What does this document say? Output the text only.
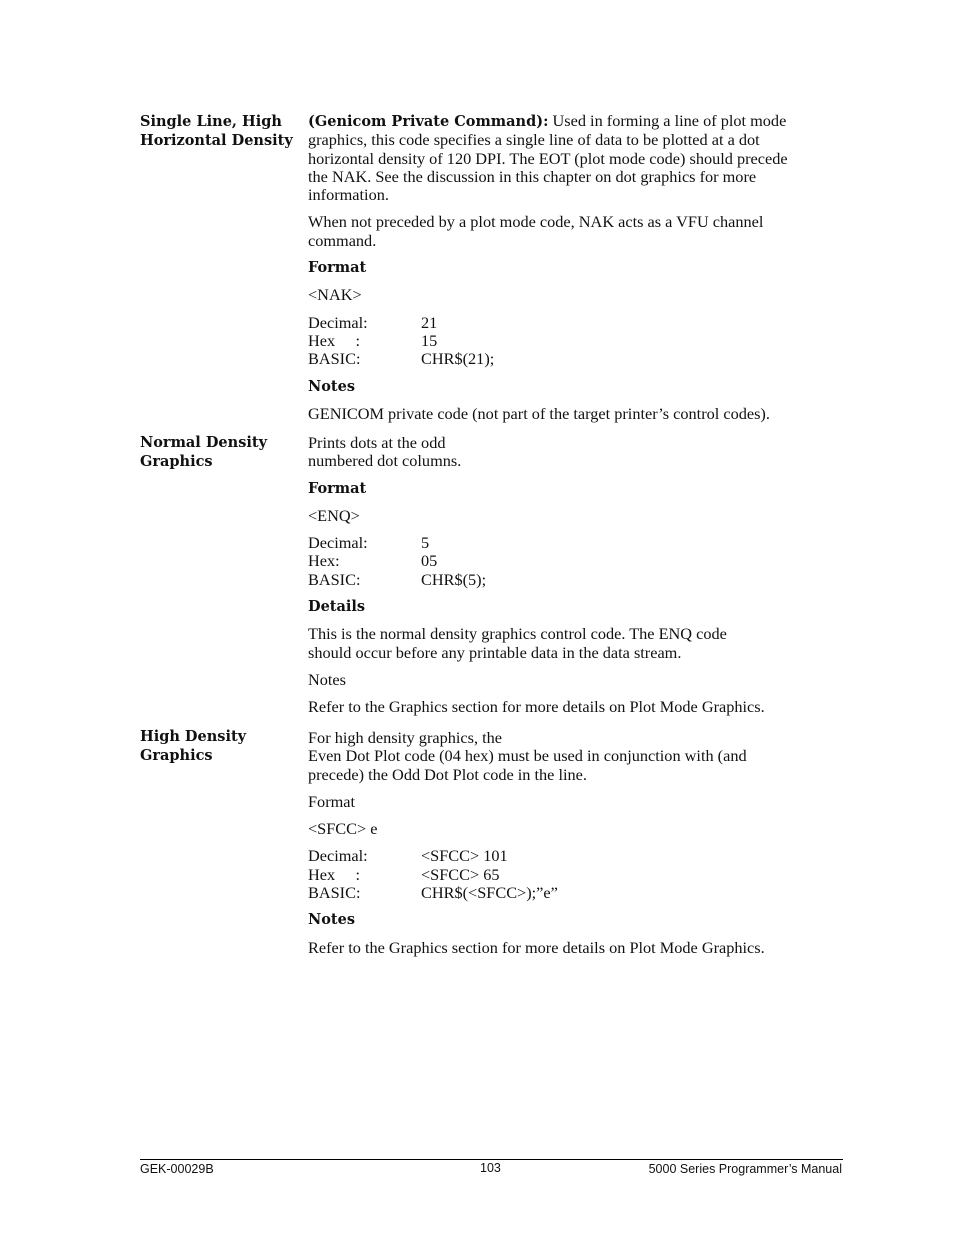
Single Line, High
Horizontal Density

(Genicom Private Command): Used in forming a line of plot mode

graphics, this code specifies a single line of data to be plotted at a dot

horizontal density of 120 DPI. The EOT (plot mode code) should precede

the NAK. See the discussion in this chapter on dot graphics for more

information.

When not preceded by a plot mode code, NAK acts as a VFU channel

command.

Format

<NAK>

Decimal:	21
Hex     :	15
BASIC:	CHR$(21);

Notes

GENICOM private code (not part of the target printer’s control codes).

Normal Density
Graphics

Prints dots at the odd

numbered dot columns.

Format

<ENQ>

Decimal:	5
Hex:	05
BASIC:	CHR$(5);

Details

This is the normal density graphics control code. The ENQ code

should occur before any printable data in the data stream.

Notes

Refer to the Graphics section for more details on Plot Mode Graphics.

High Density
Graphics

For high density graphics, the

Even Dot Plot code (04 hex) must be used in conjunction with (and

precede) the Odd Dot Plot code in the line.

Format

<SFCC> e

Decimal:	<SFCC> 101
Hex     :	<SFCC> 65
BASIC:	CHR$(<SFCC>);”e”

Notes

Refer to the Graphics section for more details on Plot Mode Graphics.

GEK-00029B	103	5000 Series Programmer’s Manual
